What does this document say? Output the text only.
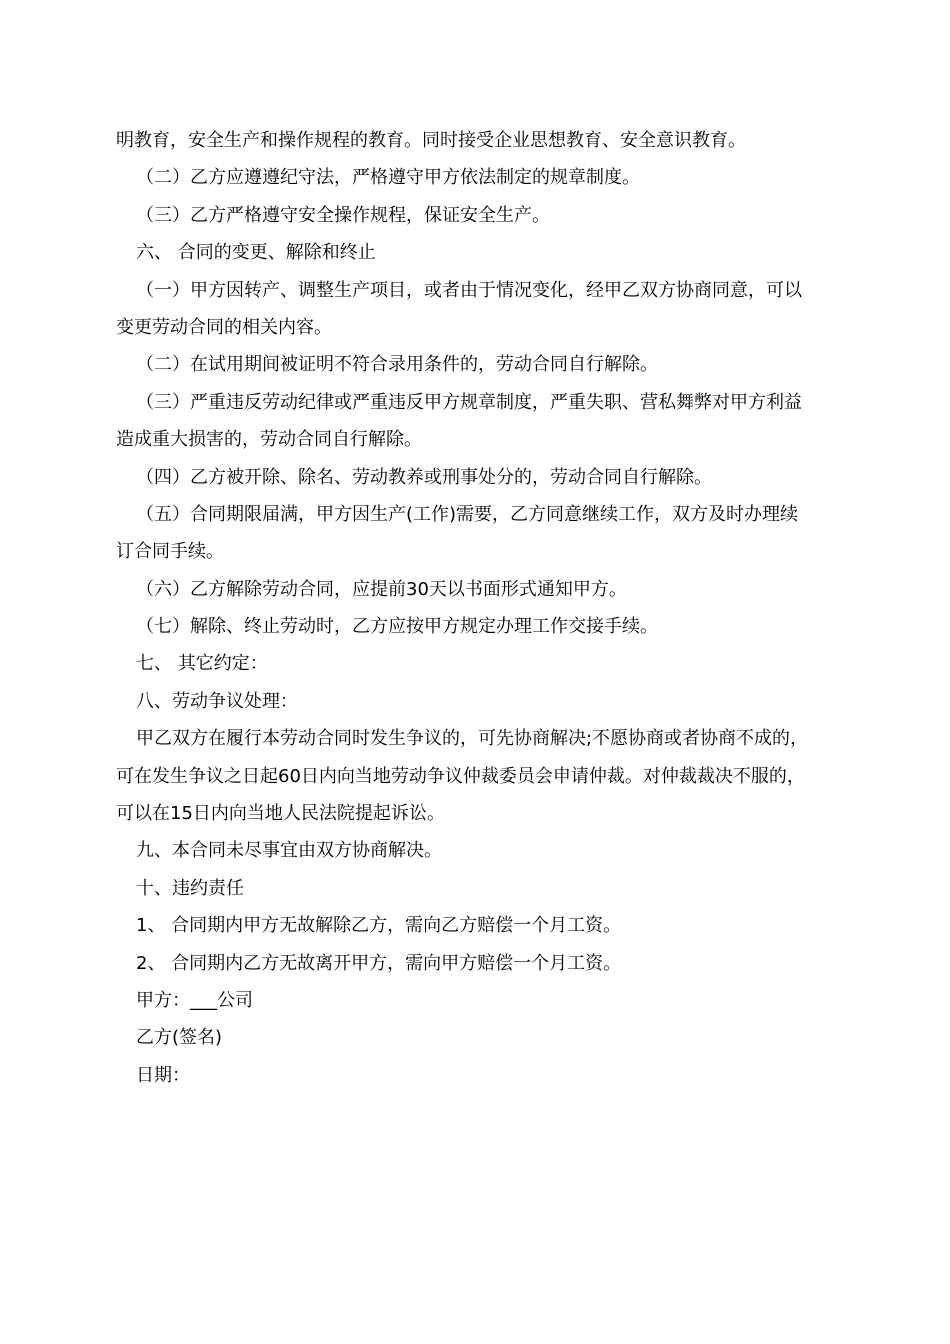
明教育，安全生产和操作规程的教育。同时接受企业思想教育、安全意识教育。
（二）乙方应遵遵纪守法，严格遵守甲方依法制定的规章制度。
（三）乙方严格遵守安全操作规程，保证安全生产。
六、 合同的变更、解除和终止
（一）甲方因转产、调整生产项目，或者由于情况变化，经甲乙双方协商同意，可以
变更劳动合同的相关内容。
（二）在试用期间被证明不符合录用条件的，劳动合同自行解除。
（三）严重违反劳动纪律或严重违反甲方规章制度，严重失职、营私舞弊对甲方利益
造成重大损害的，劳动合同自行解除。
（四）乙方被开除、除名、劳动教养或刑事处分的，劳动合同自行解除。
（五）合同期限届满，甲方因生产(工作)需要，乙方同意继续工作，双方及时办理续
订合同手续。
（六）乙方解除劳动合同，应提前30天以书面形式通知甲方。
（七）解除、终止劳动时，乙方应按甲方规定办理工作交接手续。
七、 其它约定：
八、劳动争议处理：
甲乙双方在履行本劳动合同时发生争议的，可先协商解决;不愿协商或者协商不成的，
可在发生争议之日起60日内向当地劳动争议仲裁委员会申请仲裁。对仲裁裁决不服的，
可以在15日内向当地人民法院提起诉讼。
九、本合同未尽事宜由双方协商解决。
十、违约责任
1、 合同期内甲方无故解除乙方，需向乙方赔偿一个月工资。
2、 合同期内乙方无故离开甲方，需向甲方赔偿一个月工资。
甲方：___公司
乙方(签名)
日期：
